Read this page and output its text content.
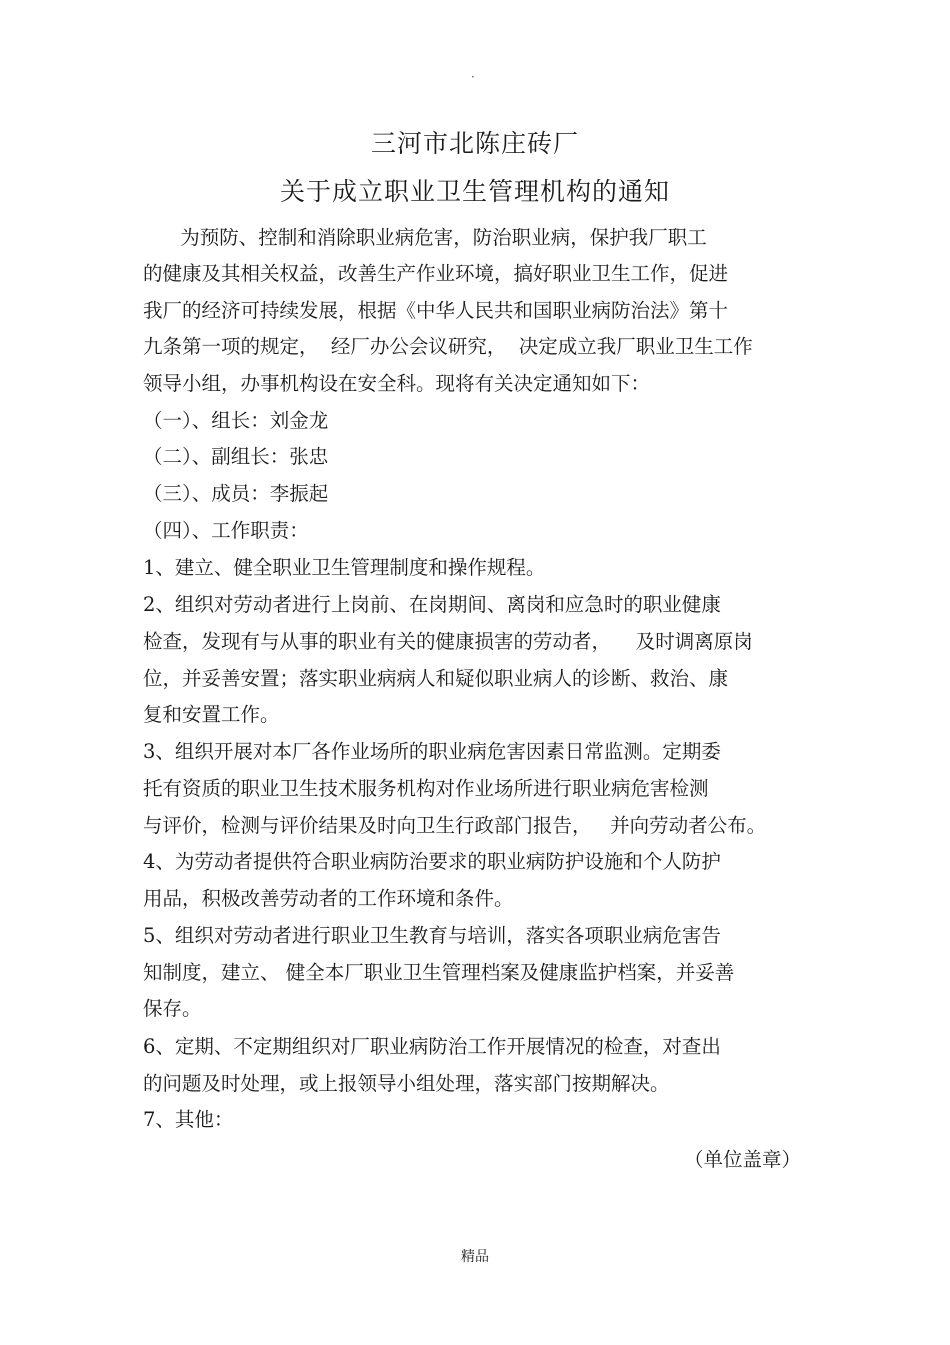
·
三河市北陈庄砖厂
关于成立职业卫生管理机构的通知
为预防、控制和消除职业病危害，防治职业病，保护我厂职工
的健康及其相关权益，改善生产作业环境，搞好职业卫生工作，促进
我厂的经济可持续发展，根据《中华人民共和国职业病防治法》第十
九条第一项的规定，  经厂办公会议研究，  决定成立我厂职业卫生工作
领导小组，办事机构设在安全科。现将有关决定通知如下：
（一）、组长：刘金龙
（二）、副组长：张忠
（三）、成员：李振起
（四）、工作职责：
1、建立、健全职业卫生管理制度和操作规程。
2、组织对劳动者进行上岗前、在岗期间、离岗和应急时的职业健康
检查，发现有与从事的职业有关的健康损害的劳动者，    及时调离原岗
位，并妥善安置；落实职业病病人和疑似职业病人的诊断、救治、康
复和安置工作。
3、组织开展对本厂各作业场所的职业病危害因素日常监测。定期委
托有资质的职业卫生技术服务机构对作业场所进行职业病危害检测
与评价，检测与评价结果及时向卫生行政部门报告，   并向劳动者公布。
4、为劳动者提供符合职业病防治要求的职业病防护设施和个人防护
用品，积极改善劳动者的工作环境和条件。
5、组织对劳动者进行职业卫生教育与培训，落实各项职业病危害告
知制度，建立、 健全本厂职业卫生管理档案及健康监护档案，并妥善
保存。
6、定期、不定期组织对厂职业病防治工作开展情况的检查，对查出
的问题及时处理，或上报领导小组处理，落实部门按期解决。
7、其他：
（单位盖章）
精品
